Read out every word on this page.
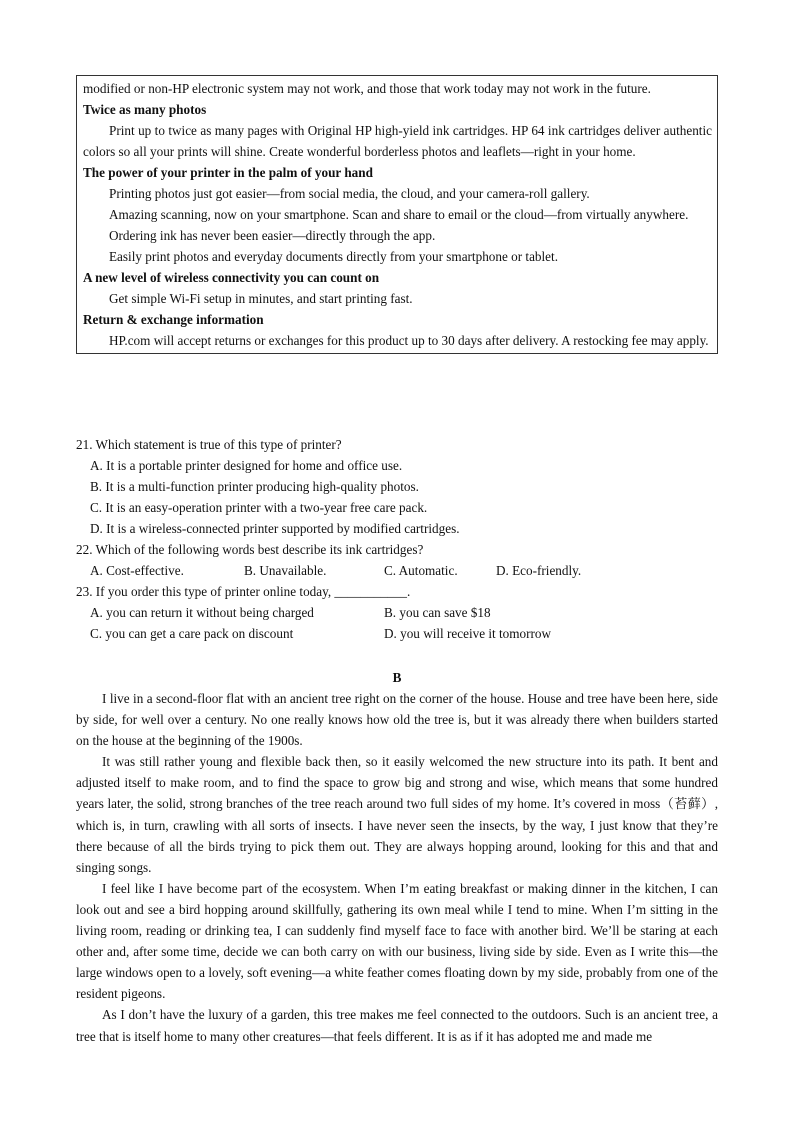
modified or non-HP electronic system may not work, and those that work today may not work in the future.

Twice as many photos

Print up to twice as many pages with Original HP high-yield ink cartridges. HP 64 ink cartridges deliver authentic colors so all your prints will shine. Create wonderful borderless photos and leaflets—right in your home.

The power of your printer in the palm of your hand

Printing photos just got easier—from social media, the cloud, and your camera-roll gallery.

Amazing scanning, now on your smartphone. Scan and share to email or the cloud—from virtually anywhere.

Ordering ink has never been easier—directly through the app.

Easily print photos and everyday documents directly from your smartphone or tablet.

A new level of wireless connectivity you can count on

Get simple Wi-Fi setup in minutes, and start printing fast.

Return & exchange information

HP.com will accept returns or exchanges for this product up to 30 days after delivery. A restocking fee may apply.

21. Which statement is true of this type of printer?

A. It is a portable printer designed for home and office use.

B. It is a multi-function printer producing high-quality photos.

C. It is an easy-operation printer with a two-year free care pack.

D. It is a wireless-connected printer supported by modified cartridges.

22. Which of the following words best describe its ink cartridges?

A. Cost-effective.	B. Unavailable.	C. Automatic.	D. Eco-friendly.

23. If you order this type of printer online today, ___________.

A. you can return it without being charged	B. you can save $18
C. you can get a care pack on discount	D. you will receive it tomorrow

B

I live in a second-floor flat with an ancient tree right on the corner of the house. House and tree have been here, side by side, for well over a century. No one really knows how old the tree is, but it was already there when builders started on the house at the beginning of the 1900s.

It was still rather young and flexible back then, so it easily welcomed the new structure into its path. It bent and adjusted itself to make room, and to find the space to grow big and strong and wise, which means that some hundred years later, the solid, strong branches of the tree reach around two full sides of my home. It’s covered in moss（苔藓）, which is, in turn, crawling with all sorts of insects. I have never seen the insects, by the way, I just know that they’re there because of all the birds trying to pick them out. They are always hopping around, looking for this and that and singing songs.

I feel like I have become part of the ecosystem. When I’m eating breakfast or making dinner in the kitchen, I can look out and see a bird hopping around skillfully, gathering its own meal while I tend to mine. When I’m sitting in the living room, reading or drinking tea, I can suddenly find myself face to face with another bird. We’ll be staring at each other and, after some time, decide we can both carry on with our business, living side by side. Even as I write this—the large windows open to a lovely, soft evening—a white feather comes floating down by my side, probably from one of the resident pigeons.

As I don’t have the luxury of a garden, this tree makes me feel connected to the outdoors. Such is an ancient tree, a tree that is itself home to many other creatures—that feels different. It is as if it has adopted me and made me
